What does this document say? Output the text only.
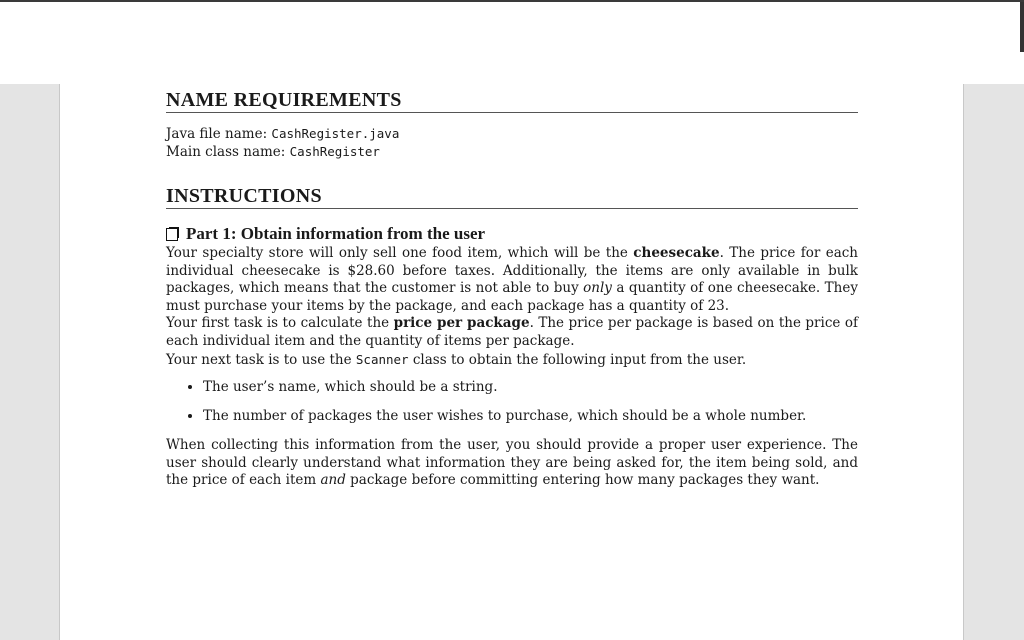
NAME REQUIREMENTS
Java file name: CashRegister.java
Main class name: CashRegister
INSTRUCTIONS
Part 1: Obtain information from the user

Your specialty store will only sell one food item, which will be the cheesecake. The price for each individual cheesecake is $28.60 before taxes. Additionally, the items are only available in bulk packages, which means that the customer is not able to buy only a quantity of one cheesecake. They must purchase your items by the package, and each package has a quantity of 23.

Your first task is to calculate the price per package. The price per package is based on the price of each individual item and the quantity of items per package.

Your next task is to use the Scanner class to obtain the following input from the user.

• The user’s name, which should be a string.
• The number of packages the user wishes to purchase, which should be a whole number.

When collecting this information from the user, you should provide a proper user experience. The user should clearly understand what information they are being asked for, the item being sold, and the price of each item and package before committing entering how many packages they want.
